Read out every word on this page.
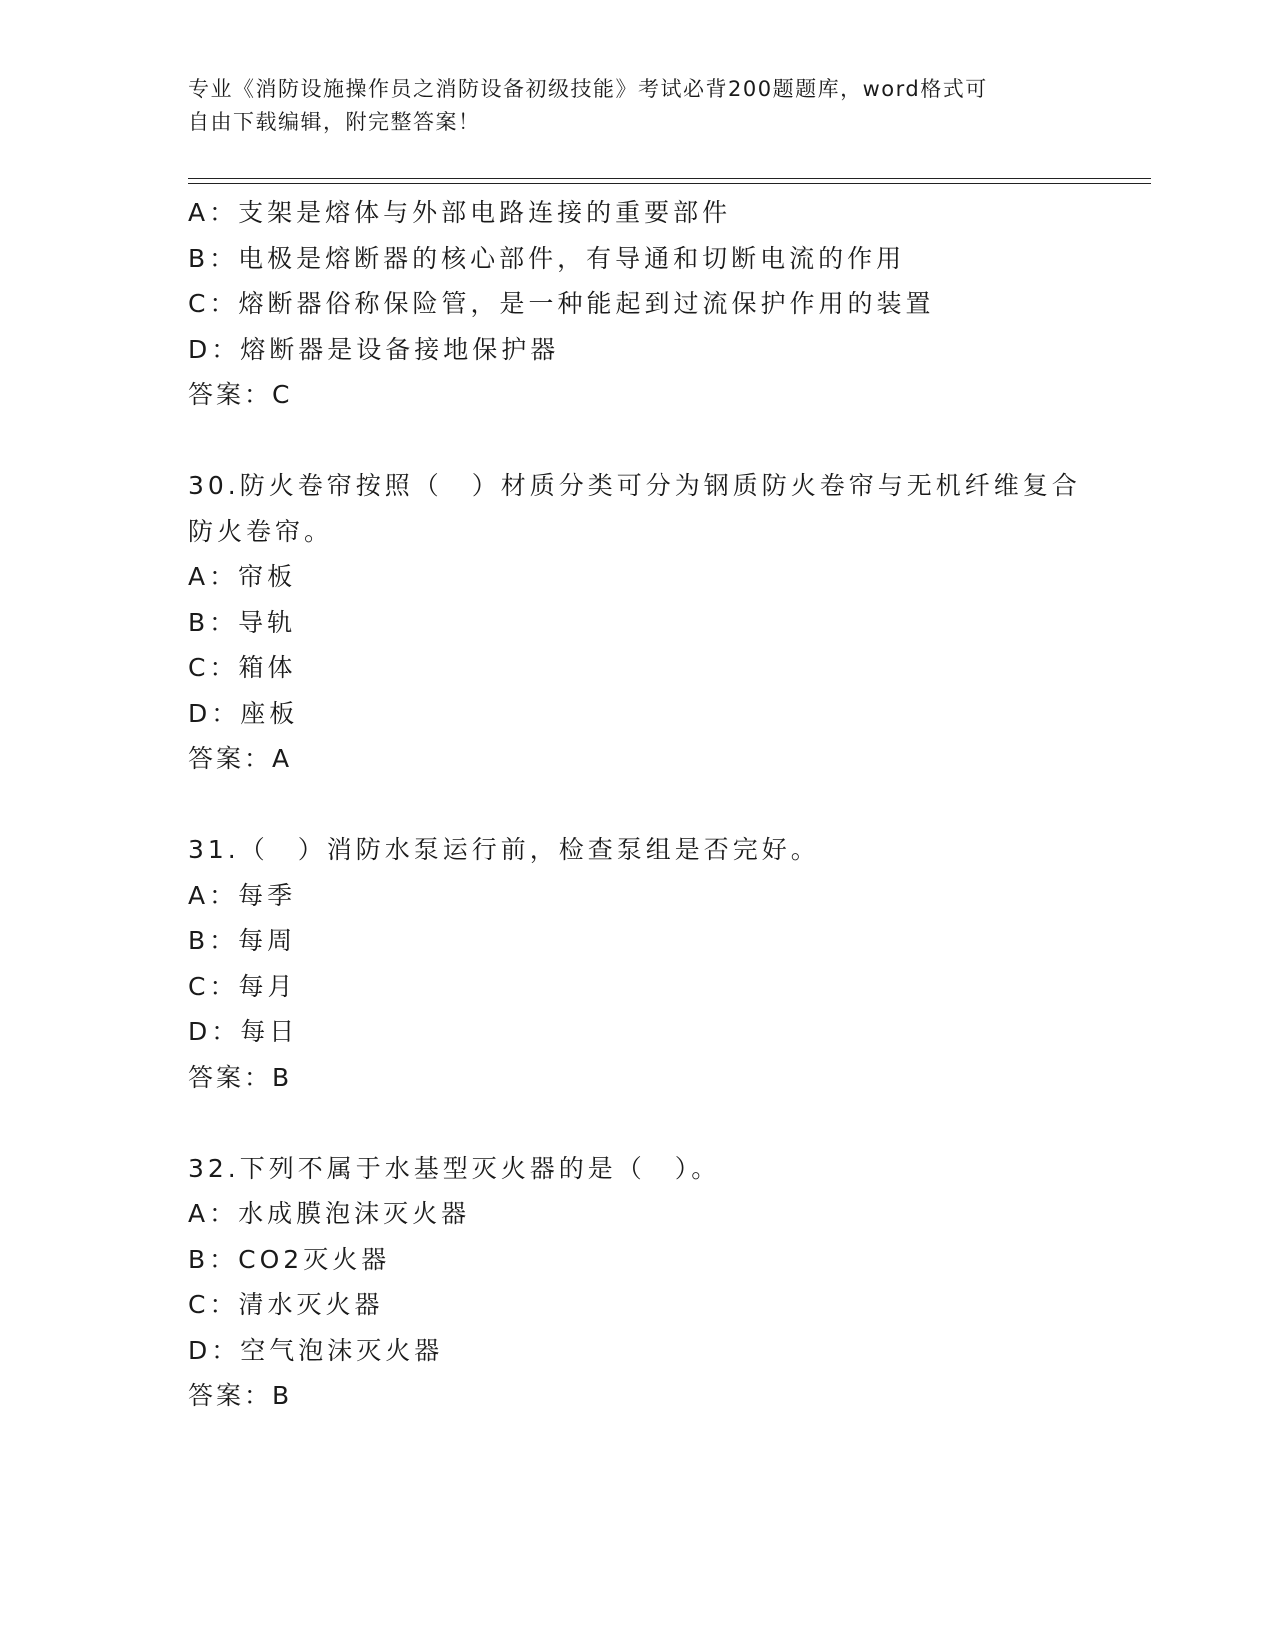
专业《消防设施操作员之消防设备初级技能》考试必背200题题库，word格式可
自由下载编辑，附完整答案！
A：支架是熔体与外部电路连接的重要部件
B：电极是熔断器的核心部件，有导通和切断电流的作用
C：熔断器俗称保险管，是一种能起到过流保护作用的装置
D：熔断器是设备接地保护器
答案：C
30.防火卷帘按照（　）材质分类可分为钢质防火卷帘与无机纤维复合
防火卷帘。
A：帘板
B：导轨
C：箱体
D：座板
答案：A
31.（　）消防水泵运行前，检查泵组是否完好。
A：每季
B：每周
C：每月
D：每日
答案：B
32.下列不属于水基型灭火器的是（　）。
A：水成膜泡沫灭火器
B：CO2灭火器
C：清水灭火器
D：空气泡沫灭火器
答案：B
